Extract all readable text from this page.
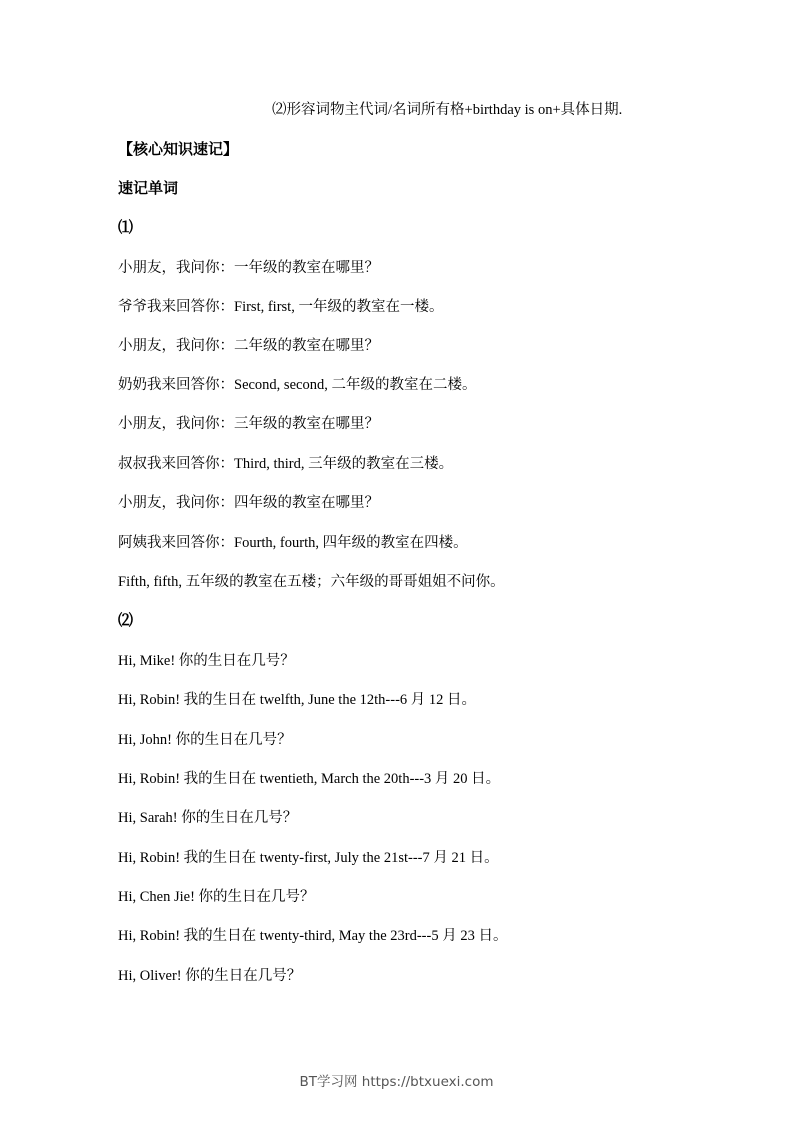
⑵形容词物主代词/名词所有格+birthday is on+具体日期.
【核心知识速记】
速记单词
⑴
小朋友，我问你：一年级的教室在哪里？
爷爷我来回答你：First, first, 一年级的教室在一楼。
小朋友，我问你：二年级的教室在哪里？
奶奶我来回答你：Second, second, 二年级的教室在二楼。
小朋友，我问你：三年级的教室在哪里？
叔叔我来回答你：Third, third, 三年级的教室在三楼。
小朋友，我问你：四年级的教室在哪里？
阿姨我来回答你：Fourth, fourth, 四年级的教室在四楼。
Fifth, fifth, 五年级的教室在五楼；六年级的哥哥姐姐不问你。
⑵
Hi, Mike! 你的生日在几号？
Hi, Robin! 我的生日在 twelfth, June the 12th---6 月 12 日。
Hi, John! 你的生日在几号？
Hi, Robin! 我的生日在 twentieth, March the 20th---3 月 20 日。
Hi, Sarah! 你的生日在几号？
Hi, Robin! 我的生日在 twenty-first, July the 21st---7 月 21 日。
Hi, Chen Jie! 你的生日在几号？
Hi, Robin! 我的生日在 twenty-third, May the 23rd---5 月 23 日。
Hi, Oliver! 你的生日在几号？
BT学习网 https://btxuexi.com
